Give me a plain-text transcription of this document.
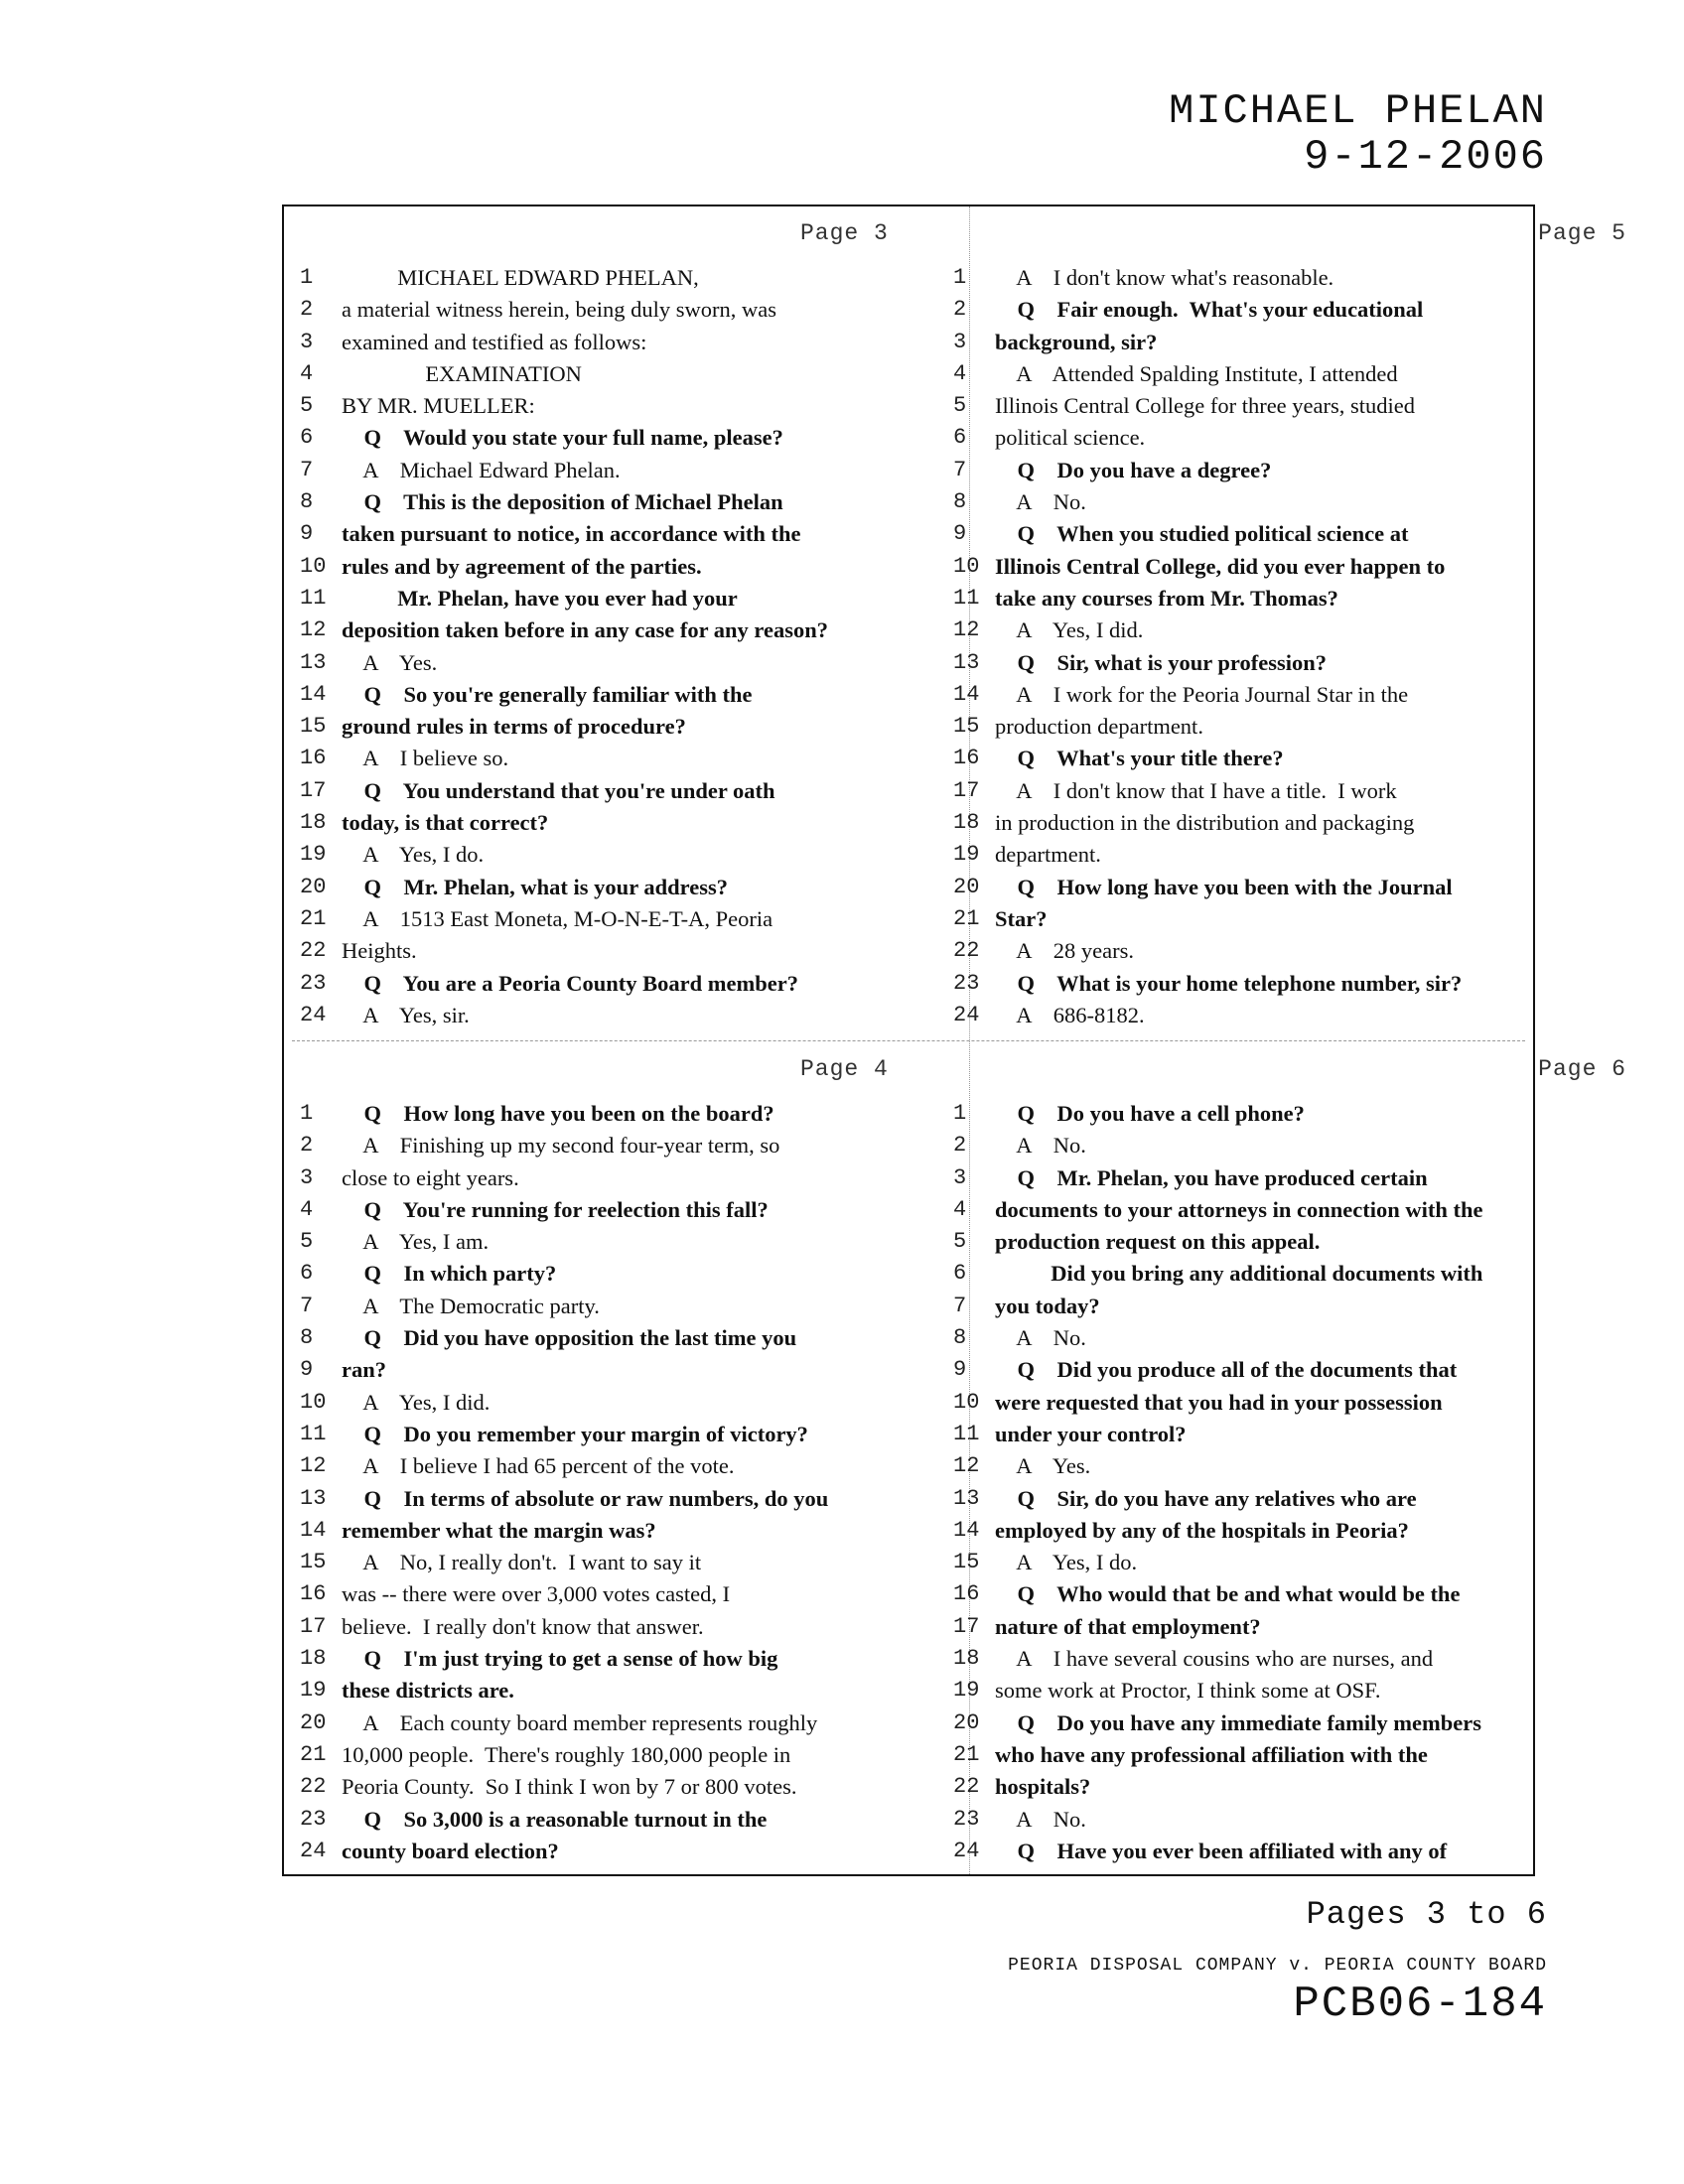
MICHAEL PHELAN
9-12-2006
Page 3
1	MICHAEL EDWARD PHELAN,
2	a material witness herein, being duly sworn, was
3	examined and testified as follows:
4	EXAMINATION
5	BY MR. MUELLER:
6	Q    Would you state your full name, please?
7	A    Michael Edward Phelan.
8	Q    This is the deposition of Michael Phelan
9	taken pursuant to notice, in accordance with the
10 rules and by agreement of the parties.
11 Mr. Phelan, have you ever had your
12 deposition taken before in any case for any reason?
13 A    Yes.
14 Q    So you're generally familiar with the
15 ground rules in terms of procedure?
16 A    I believe so.
17 Q    You understand that you're under oath
18 today, is that correct?
19 A    Yes, I do.
20 Q    Mr. Phelan, what is your address?
21 A    1513 East Moneta, M-O-N-E-T-A, Peoria
22 Heights.
23 Q    You are a Peoria County Board member?
24 A    Yes, sir.
Page 5
1	A    I don't know what's reasonable.
2	Q    Fair enough.  What's your educational
3	background, sir?
4	A    Attended Spalding Institute, I attended
5	Illinois Central College for three years, studied
6	political science.
7	Q    Do you have a degree?
8	A    No.
9	Q    When you studied political science at
10 Illinois Central College, did you ever happen to
11 take any courses from Mr. Thomas?
12 A    Yes, I did.
13 Q    Sir, what is your profession?
14 A    I work for the Peoria Journal Star in the
15 production department.
16 Q    What's your title there?
17 A    I don't know that I have a title.  I work
18 in production in the distribution and packaging
19 department.
20 Q    How long have you been with the Journal
21 Star?
22 A    28 years.
23 Q    What is your home telephone number, sir?
24 A    686-8182.
Page 4
1	Q    How long have you been on the board?
2	A    Finishing up my second four-year term, so
3	close to eight years.
4	Q    You're running for reelection this fall?
5	A    Yes, I am.
6	Q    In which party?
7	A    The Democratic party.
8	Q    Did you have opposition the last time you
9	ran?
10 A    Yes, I did.
11 Q    Do you remember your margin of victory?
12 A    I believe I had 65 percent of the vote.
13 Q    In terms of absolute or raw numbers, do you
14 remember what the margin was?
15 A    No, I really don't.  I want to say it
16 was -- there were over 3,000 votes casted, I
17 believe.  I really don't know that answer.
18 Q    I'm just trying to get a sense of how big
19 these districts are.
20 A    Each county board member represents roughly
21 10,000 people.  There's roughly 180,000 people in
22 Peoria County.  So I think I won by 7 or 800 votes.
23 Q    So 3,000 is a reasonable turnout in the
24 county board election?
Page 6
1	Q    Do you have a cell phone?
2	A    No.
3	Q    Mr. Phelan, you have produced certain
4	documents to your attorneys in connection with the
5	production request on this appeal.
6	Did you bring any additional documents with
7	you today?
8	A    No.
9	Q    Did you produce all of the documents that
10 were requested that you had in your possession
11 under your control?
12 A    Yes.
13 Q    Sir, do you have any relatives who are
14 employed by any of the hospitals in Peoria?
15 A    Yes, I do.
16 Q    Who would that be and what would be the
17 nature of that employment?
18 A    I have several cousins who are nurses, and
19 some work at Proctor, I think some at OSF.
20 Q    Do you have any immediate family members
21 who have any professional affiliation with the
22 hospitals?
23 A    No.
24 Q    Have you ever been affiliated with any of
Pages 3 to 6
PEORIA DISPOSAL COMPANY v. PEORIA COUNTY BOARD
PCB06-184
